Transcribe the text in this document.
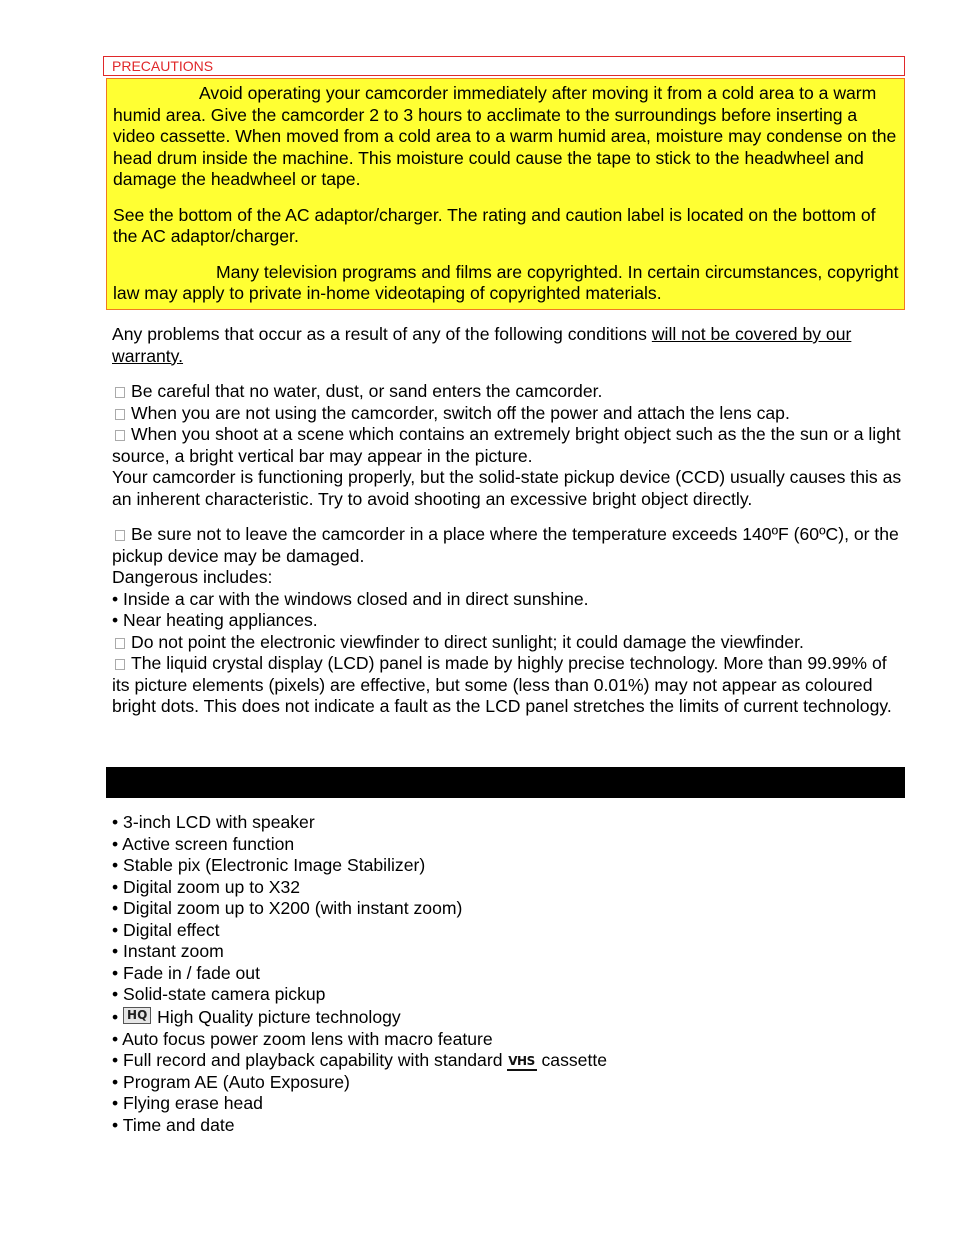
PRECAUTIONS

Avoid operating your camcorder immediately after moving it from a cold area to a warm humid area. Give the camcorder 2 to 3 hours to acclimate to the surroundings before inserting a video cassette. When moved from a cold area to a warm humid area, moisture may condense on the head drum inside the machine. This moisture could cause the tape to stick to the headwheel and damage the headwheel or tape.

See the bottom of the AC adaptor/charger. The rating and caution label is located on the bottom of the AC adaptor/charger.

Many television programs and films are copyrighted. In certain circumstances, copyright law may apply to private in-home videotaping of copyrighted materials.

Any problems that occur as a result of any of the following conditions will not be covered by our warranty.

Be careful that no water, dust, or sand enters the camcorder.

When you are not using the camcorder, switch off the power and attach the lens cap.

When you shoot at a scene which contains an extremely bright object such as the the sun or a light source, a bright vertical bar may appear in the picture.

Your camcorder is functioning properly, but the solid-state pickup device (CCD) usually causes this as an inherent characteristic. Try to avoid shooting an excessive bright object directly.

Be sure not to leave the camcorder in a place where the temperature exceeds 140ºF (60ºC), or the pickup device may be damaged.

Dangerous includes:

• Inside a car with the windows closed and in direct sunshine.

• Near heating appliances.

Do not point the electronic viewfinder to direct sunlight; it could damage the viewfinder.

The liquid crystal display (LCD) panel is made by highly precise technology. More than 99.99% of its picture elements (pixels) are effective, but some (less than 0.01%) may not appear as coloured bright dots. This does not indicate a fault as the LCD panel stretches the limits of current technology.

• 3-inch LCD with speaker

• Active screen function

• Stable pix (Electronic Image Stabilizer)

• Digital zoom up to X32

• Digital zoom up to X200 (with instant zoom)

• Digital effect

• Instant zoom

• Fade in / fade out

• Solid-state camera pickup

• HQ High Quality picture technology

• Auto focus power zoom lens with macro feature

• Full record and playback capability with standard VHS cassette

• Program AE (Auto Exposure)

• Flying erase head

• Time and date
